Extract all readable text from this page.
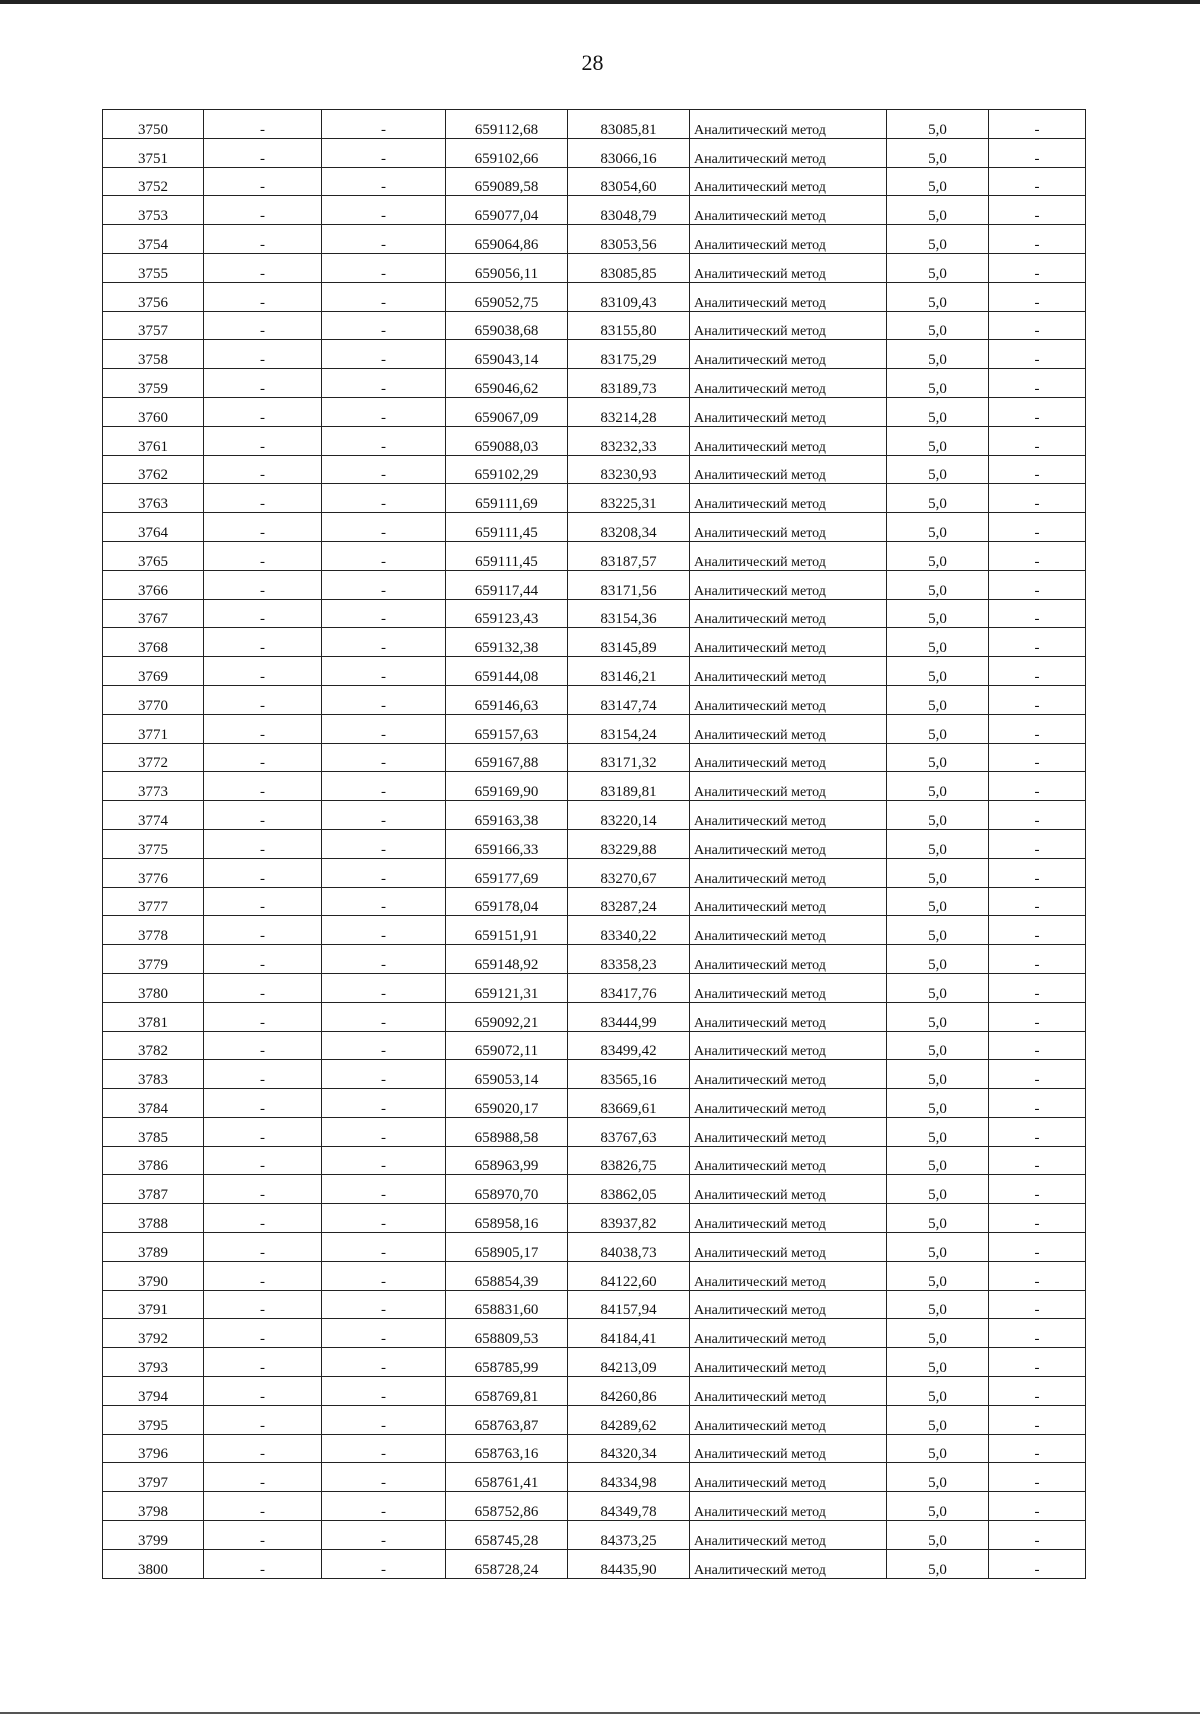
28
3750	-	-	659112,68	83085,81	Аналитический метод	5,0	-
3751	-	-	659102,66	83066,16	Аналитический метод	5,0	-
3752	-	-	659089,58	83054,60	Аналитический метод	5,0	-
3753	-	-	659077,04	83048,79	Аналитический метод	5,0	-
3754	-	-	659064,86	83053,56	Аналитический метод	5,0	-
3755	-	-	659056,11	83085,85	Аналитический метод	5,0	-
3756	-	-	659052,75	83109,43	Аналитический метод	5,0	-
3757	-	-	659038,68	83155,80	Аналитический метод	5,0	-
3758	-	-	659043,14	83175,29	Аналитический метод	5,0	-
3759	-	-	659046,62	83189,73	Аналитический метод	5,0	-
3760	-	-	659067,09	83214,28	Аналитический метод	5,0	-
3761	-	-	659088,03	83232,33	Аналитический метод	5,0	-
3762	-	-	659102,29	83230,93	Аналитический метод	5,0	-
3763	-	-	659111,69	83225,31	Аналитический метод	5,0	-
3764	-	-	659111,45	83208,34	Аналитический метод	5,0	-
3765	-	-	659111,45	83187,57	Аналитический метод	5,0	-
3766	-	-	659117,44	83171,56	Аналитический метод	5,0	-
3767	-	-	659123,43	83154,36	Аналитический метод	5,0	-
3768	-	-	659132,38	83145,89	Аналитический метод	5,0	-
3769	-	-	659144,08	83146,21	Аналитический метод	5,0	-
3770	-	-	659146,63	83147,74	Аналитический метод	5,0	-
3771	-	-	659157,63	83154,24	Аналитический метод	5,0	-
3772	-	-	659167,88	83171,32	Аналитический метод	5,0	-
3773	-	-	659169,90	83189,81	Аналитический метод	5,0	-
3774	-	-	659163,38	83220,14	Аналитический метод	5,0	-
3775	-	-	659166,33	83229,88	Аналитический метод	5,0	-
3776	-	-	659177,69	83270,67	Аналитический метод	5,0	-
3777	-	-	659178,04	83287,24	Аналитический метод	5,0	-
3778	-	-	659151,91	83340,22	Аналитический метод	5,0	-
3779	-	-	659148,92	83358,23	Аналитический метод	5,0	-
3780	-	-	659121,31	83417,76	Аналитический метод	5,0	-
3781	-	-	659092,21	83444,99	Аналитический метод	5,0	-
3782	-	-	659072,11	83499,42	Аналитический метод	5,0	-
3783	-	-	659053,14	83565,16	Аналитический метод	5,0	-
3784	-	-	659020,17	83669,61	Аналитический метод	5,0	-
3785	-	-	658988,58	83767,63	Аналитический метод	5,0	-
3786	-	-	658963,99	83826,75	Аналитический метод	5,0	-
3787	-	-	658970,70	83862,05	Аналитический метод	5,0	-
3788	-	-	658958,16	83937,82	Аналитический метод	5,0	-
3789	-	-	658905,17	84038,73	Аналитический метод	5,0	-
3790	-	-	658854,39	84122,60	Аналитический метод	5,0	-
3791	-	-	658831,60	84157,94	Аналитический метод	5,0	-
3792	-	-	658809,53	84184,41	Аналитический метод	5,0	-
3793	-	-	658785,99	84213,09	Аналитический метод	5,0	-
3794	-	-	658769,81	84260,86	Аналитический метод	5,0	-
3795	-	-	658763,87	84289,62	Аналитический метод	5,0	-
3796	-	-	658763,16	84320,34	Аналитический метод	5,0	-
3797	-	-	658761,41	84334,98	Аналитический метод	5,0	-
3798	-	-	658752,86	84349,78	Аналитический метод	5,0	-
3799	-	-	658745,28	84373,25	Аналитический метод	5,0	-
3800	-	-	658728,24	84435,90	Аналитический метод	5,0	-
